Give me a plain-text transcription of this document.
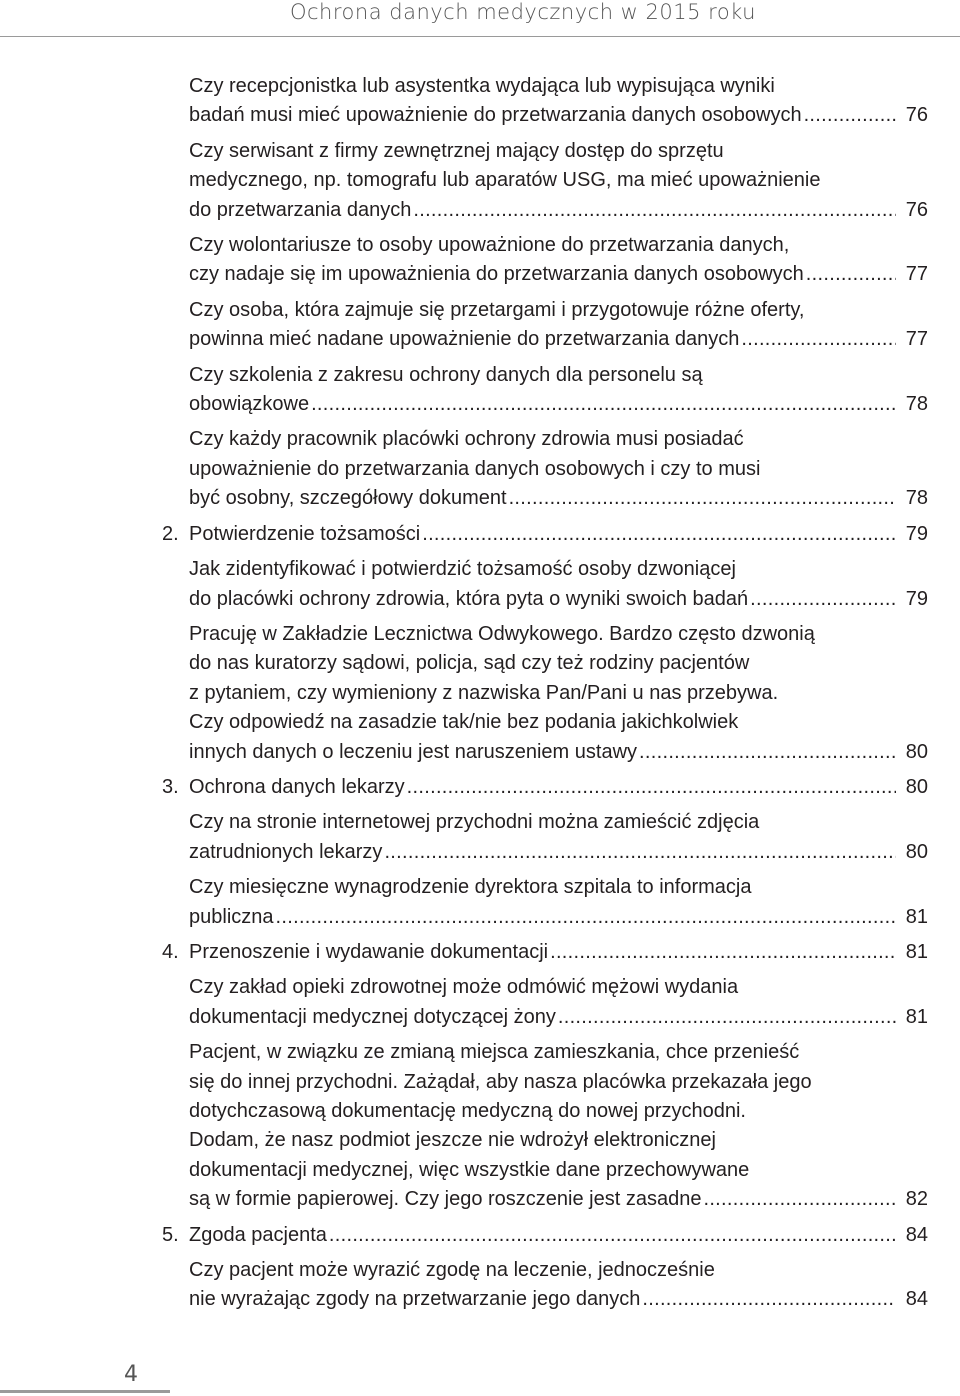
Ochrona danych medycznych w 2015 roku
Czy recepcjonistka lub asystentka wydająca lub wypisująca wyniki
badań musi mieć upoważnienie do przetwarzania danych osobowych .....	76
Czy serwisant z firmy zewnętrznej mający dostęp do sprzętu
medycznego, np. tomografu lub aparatów USG, ma mieć upoważnienie
do przetwarzania danych .....	76
Czy wolontariusze to osoby upoważnione do przetwarzania danych,
czy nadaje się im upoważnienia do przetwarzania danych osobowych .....	77
Czy osoba, która zajmuje się przetargami i przygotowuje różne oferty,
powinna mieć nadane upoważnienie do przetwarzania danych .....	77
Czy szkolenia z zakresu ochrony danych dla personelu są
obowiązkowe .....	78
Czy każdy pracownik placówki ochrony zdrowia musi posiadać
upoważnienie do przetwarzania danych osobowych i czy to musi
być osobny, szczegółowy dokument .....	78
2. Potwierdzenie tożsamości .....	79
Jak zidentyfikować i potwierdzić tożsamość osoby dzwoniącej
do placówki ochrony zdrowia, która pyta o wyniki swoich badań .....	79
Pracuję w Zakładzie Lecznictwa Odwykowego. Bardzo często dzwonią
do nas kuratorzy sądowi, policja, sąd czy też rodziny pacjentów
z pytaniem, czy wymieniony z nazwiska Pan/Pani u nas przebywa.
Czy odpowiedź na zasadzie tak/nie bez podania jakichkolwiek
innych danych o leczeniu jest naruszeniem ustawy .....	80
3. Ochrona danych lekarzy .....	80
Czy na stronie internetowej przychodni można zamieścić zdjęcia
zatrudnionych lekarzy .....	80
Czy miesięczne wynagrodzenie dyrektora szpitala to informacja
publiczna .....	81
4. Przenoszenie i wydawanie dokumentacji .....	81
Czy zakład opieki zdrowotnej może odmówić mężowi wydania
dokumentacji medycznej dotyczącej żony .....	81
Pacjent, w związku ze zmianą miejsca zamieszkania, chce przenieść
się do innej przychodni. Zażądał, aby nasza placówka przekazała jego
dotychczasową dokumentację medyczną do nowej przychodni.
Dodam, że nasz podmiot jeszcze nie wdrożył elektronicznej
dokumentacji medycznej, więc wszystkie dane przechowywane
są w formie papierowej. Czy jego roszczenie jest zasadne .....	82
5. Zgoda pacjenta .....	84
Czy pacjent może wyrazić zgodę na leczenie, jednocześnie
nie wyrażając zgody na przetwarzanie jego danych .....	84
4
